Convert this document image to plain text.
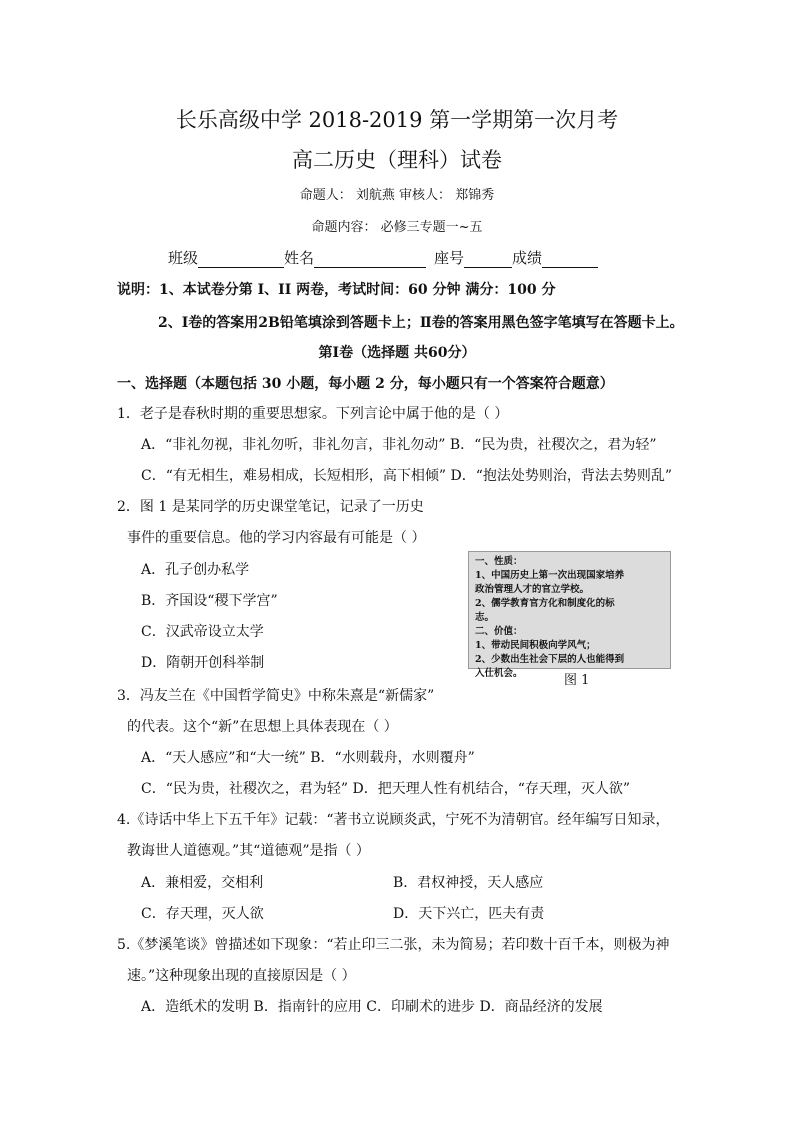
长乐高级中学 2018-2019 第一学期第一次月考
高二历史（理科）试卷
命题人： 刘航燕 审核人： 郑锦秀
命题内容： 必修三专题一~五
班级	姓名	座号	成绩
说明：1、本试卷分第 I、II 两卷，考试时间：60 分钟 满分：100 分
2、Ⅰ卷的答案用2B铅笔填涂到答题卡上；Ⅱ卷的答案用黑色签字笔填写在答题卡上。
第Ⅰ卷（选择题 共60分）
一、选择题（本题包括 30 小题，每小题 2 分，每小题只有一个答案符合题意）
1．老子是春秋时期的重要思想家。下列言论中属于他的是（ ）
A．“非礼勿视，非礼勿听，非礼勿言，非礼勿动” B．“民为贵，社稷次之，君为轻”
C．“有无相生，难易相成，长短相形，高下相倾” D．“抱法处势则治，背法去势则乱”
2．图 1 是某同学的历史课堂笔记，记录了一历史
事件的重要信息。他的学习内容最有可能是（ ）
A．孔子创办私学
B．齐国设“稷下学宫”
C．汉武帝设立太学
D．隋朝开创科举制
一、性质：
1、中国历史上第一次出现国家培养
政治管理人才的官立学校。
2、儒学教育官方化和制度化的标
志。
二、价值：
1、带动民间积极向学风气；
2、少数出生社会下层的人也能得到
入仕机会。	图 1
3．冯友兰在《中国哲学简史》中称朱熹是“新儒家”
的代表。这个“新”在思想上具体表现在（ ）
A．“天人感应”和“大一统” B．“水则载舟，水则覆舟”
C．“民为贵，社稷次之，君为轻” D．把天理人性有机结合，“存天理，灭人欲”
4.《诗话中华上下五千年》记载：“著书立说顾炎武，宁死不为清朝官。经年编写日知录，
教诲世人道德观。”其“道德观”是指（ ）
A．兼相爱，交相利	B．君权神授，天人感应
C．存天理，灭人欲	D．天下兴亡，匹夫有责
5.《梦溪笔谈》曾描述如下现象：“若止印三二张，未为简易；若印数十百千本，则极为神
速。”这种现象出现的直接原因是（ ）
A．造纸术的发明 B．指南针的应用 C．印刷术的进步 D．商品经济的发展
